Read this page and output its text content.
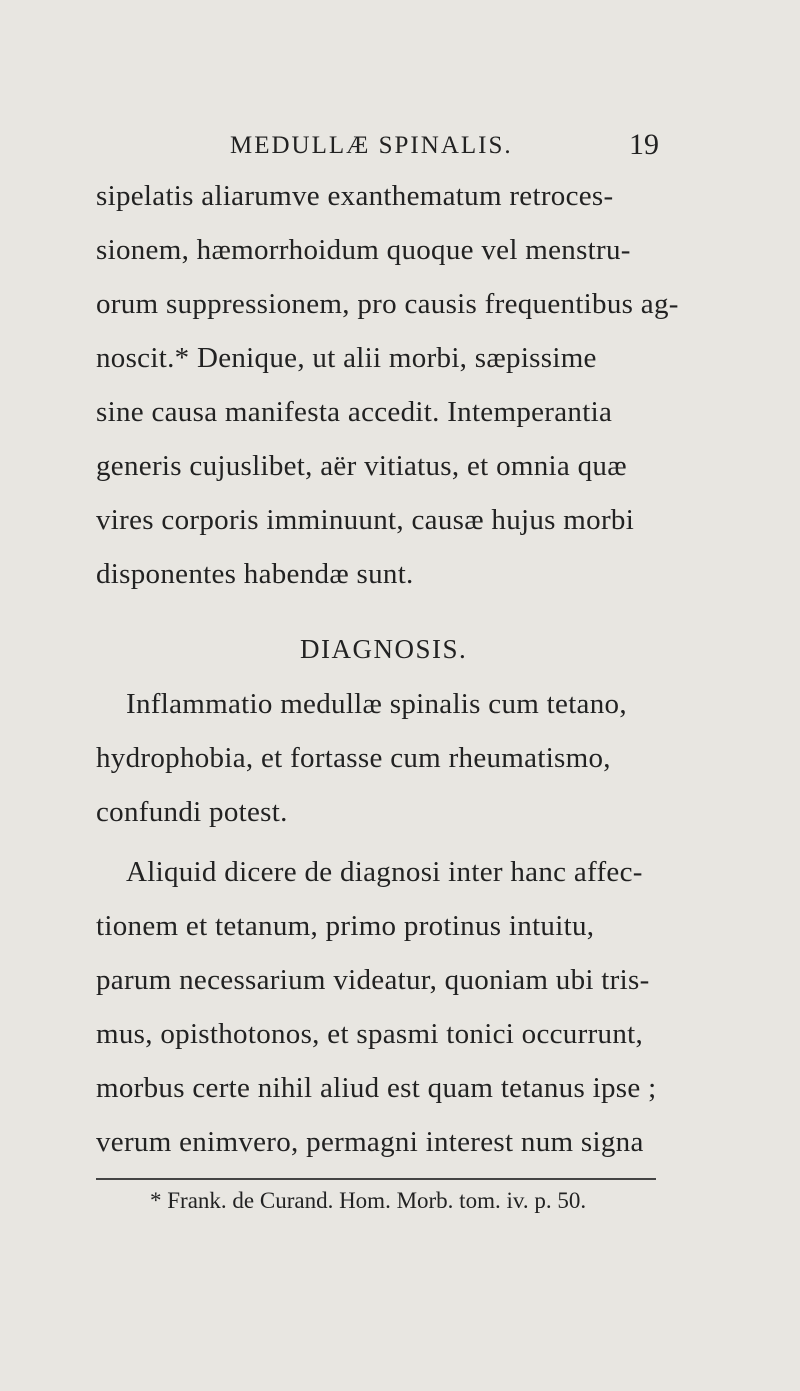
MEDULLÆ SPINALIS.	19
sipelatis aliarumve exanthematum retroces-
sionem, hæmorrhoidum quoque vel menstru-
orum suppressionem, pro causis frequentibus ag-
noscit.* Denique, ut alii morbi, sæpissime
sine causa manifesta accedit. Intemperantia
generis cujuslibet, aër vitiatus, et omnia quæ
vires corporis imminuunt, causæ hujus morbi
disponentes habendæ sunt.
DIAGNOSIS.
Inflammatio medullæ spinalis cum tetano,
hydrophobia, et fortasse cum rheumatismo,
confundi potest.
Aliquid dicere de diagnosi inter hanc affec-
tionem et tetanum, primo protinus intuitu,
parum necessarium videatur, quoniam ubi tris-
mus, opisthotonos, et spasmi tonici occurrunt,
morbus certe nihil aliud est quam tetanus ipse ;
verum enimvero, permagni interest num signa
* Frank. de Curand. Hom. Morb. tom. iv. p. 50.
